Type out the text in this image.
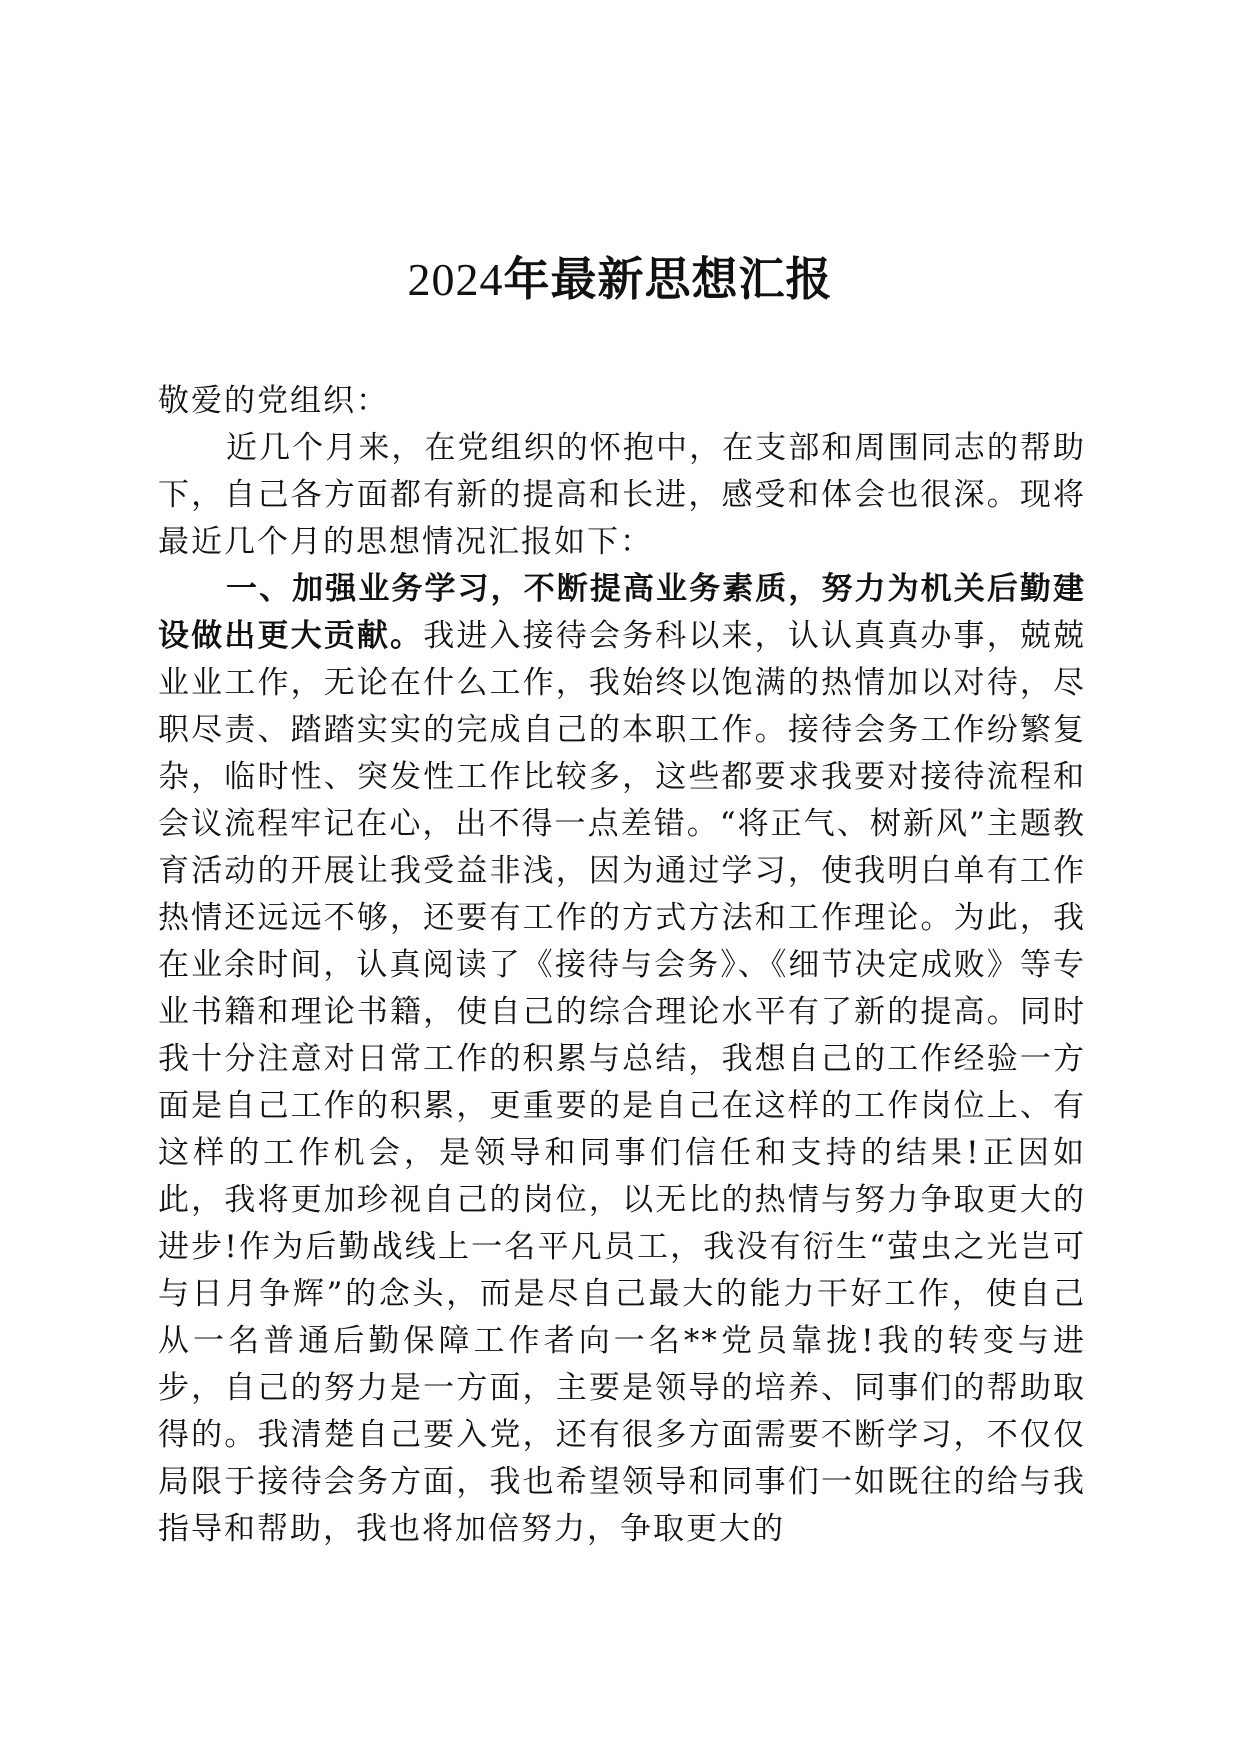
2024年最新思想汇报

敬爱的党组织：

近几个月来，在党组织的怀抱中，在支部和周围同志的帮助下，自己各方面都有新的提高和长进，感受和体会也很深。现将最近几个月的思想情况汇报如下：

一、加强业务学习，不断提高业务素质，努力为机关后勤建设做出更大贡献。我进入接待会务科以来，认认真真办事，兢兢业业工作，无论在什么工作，我始终以饱满的热情加以对待，尽职尽责、踏踏实实的完成自己的本职工作。接待会务工作纷繁复杂，临时性、突发性工作比较多，这些都要求我要对接待流程和会议流程牢记在心，出不得一点差错。“将正气、树新风”主题教育活动的开展让我受益非浅，因为通过学习，使我明白单有工作热情还远远不够，还要有工作的方式方法和工作理论。为此，我在业余时间，认真阅读了《接待与会务》、《细节决定成败》等专业书籍和理论书籍，使自己的综合理论水平有了新的提高。同时我十分注意对日常工作的积累与总结，我想自己的工作经验一方面是自己工作的积累，更重要的是自己在这样的工作岗位上、有这样的工作机会，是领导和同事们信任和支持的结果!正因如此，我将更加珍视自己的岗位，以无比的热情与努力争取更大的进步!作为后勤战线上一名平凡员工，我没有衍生“萤虫之光岂可与日月争辉”的念头，而是尽自己最大的能力干好工作，使自己从一名普通后勤保障工作者向一名**党员靠拢!我的转变与进步，自己的努力是一方面，主要是领导的培养、同事们的帮助取得的。我清楚自己要入党，还有很多方面需要不断学习，不仅仅局限于接待会务方面，我也希望领导和同事们一如既往的给与我指导和帮助，我也将加倍努力，争取更大的
